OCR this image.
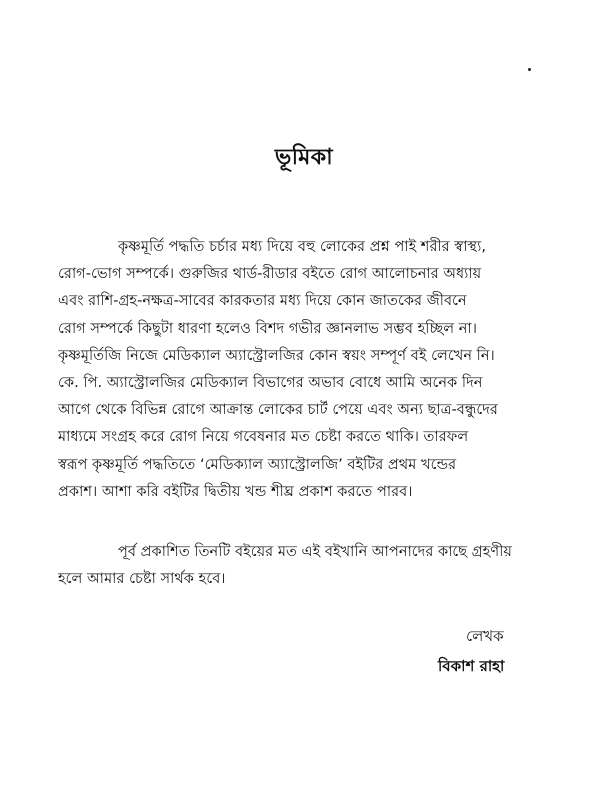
ভূমিকা
কৃষ্ণমূর্তি পদ্ধতি চর্চার মধ্য দিয়ে বহু লোকের প্রশ্ন পাই শরীর স্বাস্থ্য,
রোগ-ভোগ সম্পর্কে। গুরুজির থার্ড-রীডার বইতে রোগ আলোচনার অধ্যায়
এবং রাশি-গ্রহ-নক্ষত্র-সাবের কারকতার মধ্য দিয়ে কোন জাতকের জীবনে
রোগ সম্পর্কে কিছুটা ধারণা হলেও বিশদ গভীর জ্ঞানলাভ সম্ভব হচ্ছিল না।
কৃষ্ণমূর্তিজি নিজে মেডিক্যাল অ্যাস্ট্রোলজির কোন স্বয়ং সম্পূর্ণ বই লেখেন নি।
কে. পি. অ্যাস্ট্রোলজির মেডিক্যাল বিভাগের অভাব বোধে আমি অনেক দিন
আগে থেকে বিভিন্ন রোগে আক্রান্ত লোকের চার্ট পেয়ে এবং অন্য ছাত্র-বন্ধুদের
মাধ্যমে সংগ্রহ করে রোগ নিয়ে গবেষনার মত চেষ্টা করতে থাকি। তারফল
স্বরূপ কৃষ্ণমূর্তি পদ্ধতিতে ‘মেডিক্যাল অ্যাস্ট্রোলজি’ বইটির প্রথম খন্ডের
প্রকাশ। আশা করি বইটির দ্বিতীয় খন্ড শীঘ্র প্রকাশ করতে পারব।
পূর্ব প্রকাশিত তিনটি বইয়ের মত এই বইখানি আপনাদের কাছে গ্রহণীয়
হলে আমার চেষ্টা সার্থক হবে।
লেখক
বিকাশ রাহা
